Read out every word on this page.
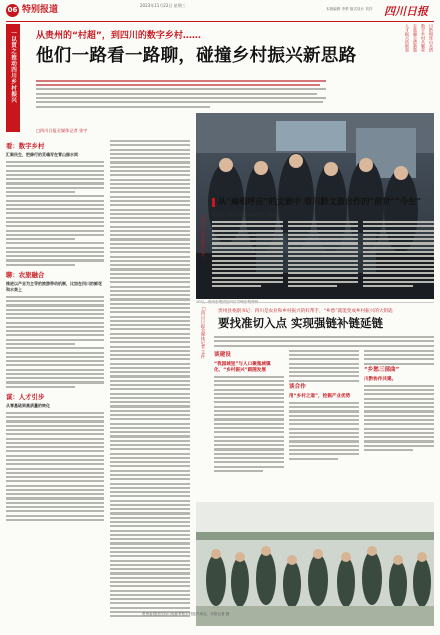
06 特别报道	2023年11月22日 星期三
本版编辑 李梦 版式设计 刘洋 四川日报
一以贯之推动四川乡村振兴 从贵州的“村超”，到四川的数字乡村……
他们一路看一路聊，碰撞乡村振兴新思路
□四川日报全媒体记者 张宇
川黔相连山水情
数字乡村共繁荣
农旅融合谱新篇
人才振兴结硕果
看：数字乡村
汇聚民生，把修行的灵魂写在青山绿水间
聊：农旅融合
推进以产业为主导的旅游带动机制，比如在四川的鲜花和水果上
谋：人才引步
从零基础到高质量的转化
从“遍相呼应”的文旅中 看川黔文旅合作的“前世”“今生”
□四川日报全媒体记者 本报讯（四川日报全媒体记者 王振瑜）
贵州县委副书记：四川是农业和乡村振兴的好帮手，“乡愁”就能变成乡村振兴的大钥匙
要找准切入点 实现强链补链延链
□四川日报全媒体记者 文件 谈建设
“我国城里”与人口聚集城镇化、“乡村振兴”跟随发展
谈合作
用“乡村之道”，挖掘产业优势
“乡愁三部曲”
川黔协作共建。
贵州参观团在四川成都考察乡村振兴项目。本报记者 摄
